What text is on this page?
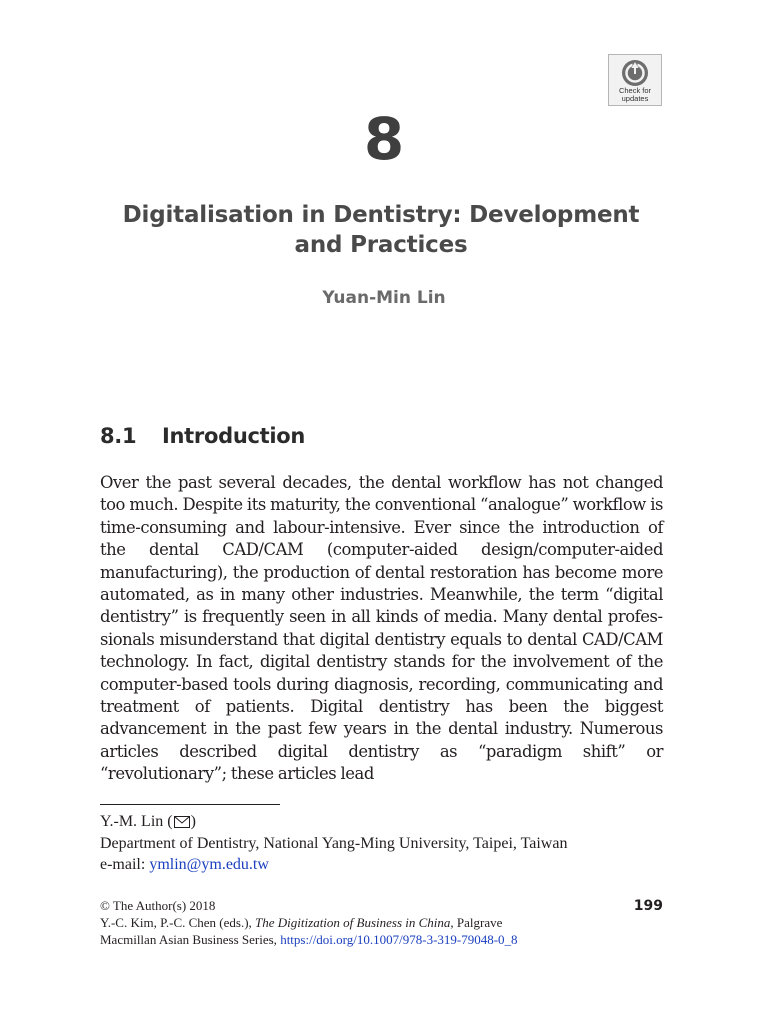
Check for
updates
8
Digitalisation in Dentistry: Development and Practices
Yuan-Min Lin
8.1 Introduction

Over the past several decades, the dental workflow has not changed too much. Despite its maturity, the conventional “analogue” workflow is time-consuming and labour-intensive. Ever since the introduction of the dental CAD/CAM (computer-aided design/computer-aided manufacturing), the production of dental restoration has become more automated, as in many other industries. Meanwhile, the term “digital dentistry” is frequently seen in all kinds of media. Many dental professionals misunderstand that digital dentistry equals to dental CAD/CAM technology. In fact, digital dentistry stands for the involvement of the computer-based tools during diagnosis, recording, communicating and treatment of patients. Digital dentistry has been the biggest advancement in the past few years in the dental industry. Numerous articles described digital dentistry as “paradigm shift” or “revolutionary”; these articles lead

Y.-M. Lin ( )
Department of Dentistry, National Yang-Ming University, Taipei, Taiwan
e-mail: ymlin@ym.edu.tw
© The Author(s) 2018
Y.-C. Kim, P.-C. Chen (eds.), The Digitization of Business in China, Palgrave
Macmillan Asian Business Series, https://doi.org/10.1007/978-3-319-79048-0_8
199
